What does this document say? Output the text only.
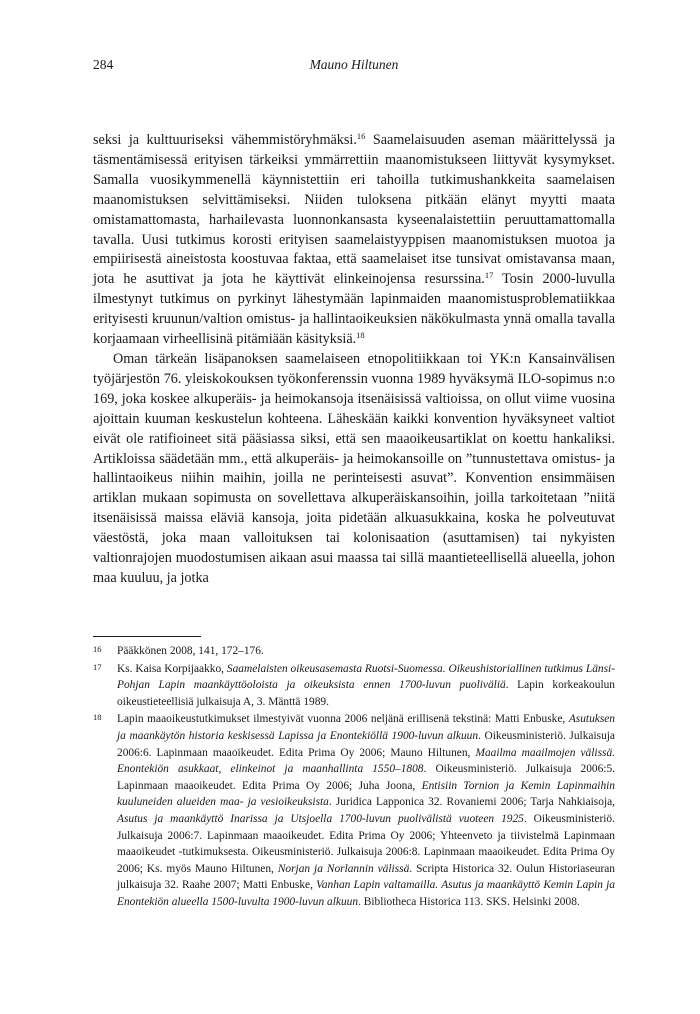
284	Mauno Hiltunen

seksi ja kulttuuriseksi vähemmistöryhmäksi.$^{16}$ Saamelaisuuden aseman määrittelyssä ja täsmentämisessä erityisen tärkeiksi ymmärrettiin maanomistukseen liittyvät kysymykset. Samalla vuosikymmenellä käynnistettiin eri tahoilla tutkimushankkeita saamelaisen maanomistuksen selvittämiseksi. Niiden tuloksena pitkään elänyt myytti maata omistamattomasta, harhailevasta luonnonkansasta kyseenalaistettiin peruuttamattomalla tavalla. Uusi tutkimus korosti erityisen saamelaistyyppisen maanomistuksen muotoa ja empiirisestä aineistosta koostuvaa faktaa, että saamelaiset itse tunsivat omistavansa maan, jota he asuttivat ja jota he käyttivät elinkeinojensa resurssina.$^{17}$ Tosin 2000-luvulla ilmestynyt tutkimus on pyrkinyt lähestymään lapinmaiden maanomistusproblematiikkaa erityisesti kruunun/valtion omistus- ja hallintaoikeuksien näkökulmasta ynnä omalla tavalla korjaamaan virheellisinä pitämiään käsityksiä.$^{18}$

Oman tärkeän lisäpanoksen saamelaiseen etnopolitiikkaan toi YK:n Kansainvälisen työjärjestön 76. yleiskokouksen työkonferenssin vuonna 1989 hyväksymä ILO-sopimus n:o 169, joka koskee alkuperäis- ja heimokansoja itsenäisissä valtioissa, on ollut viime vuosina ajoittain kuuman keskustelun kohteena. Läheskään kaikki konvention hyväksyneet valtiot eivät ole ratifioineet sitä pääsiassa siksi, että sen maaoikeusartiklat on koettu hankaliksi. Artikloissa säädetään mm., että alkuperäis- ja heimokansoille on ”tunnustettava omistus- ja hallintaoikeus niihin maihin, joilla ne perinteisesti asuvat”. Konvention ensimmäisen artiklan mukaan sopimusta on sovellettava alkuperäiskansoihin, joilla tarkoitetaan ”niitä itsenäisissä maissa eläviä kansoja, joita pidetään alkuasukkaina, koska he polveutuvat väestöstä, joka maan valloituksen tai kolonisaation (asuttamisen) tai nykyisten valtionrajojen muodostumisen aikaan asui maassa tai sillä maantieteellisellä alueella, johon maa kuuluu, ja jotka

16 Pääkkönen 2008, 141, 172–176.
17 Ks. Kaisa Korpijaakko, Saamelaisten oikeusasemasta Ruotsi-Suomessa. Oikeushistoriallinen tutkimus Länsi-Pohjan Lapin maankäyttöoloista ja oikeuksista ennen 1700-luvun puoliväliä. Lapin korkeakoulun oikeustieteellisiä julkaisuja A, 3. Mänttä 1989.
18 Lapin maaoikeustutkimukset ilmestyivät vuonna 2006 neljänä erillisenä tekstinä: Matti Enbuske, Asutuksen ja maankäytön historia keskisessä Lapissa ja Enontekiöllä 1900-luvun alkuun. Oikeusministeriö. Julkaisuja 2006:6. Lapinmaan maaoikeudet. Edita Prima Oy 2006; Mauno Hiltunen, Maailma maailmojen välissä. Enontekiön asukkaat, elinkeinot ja maanhallinta 1550–1808. Oikeusministeriö. Julkaisuja 2006:5. Lapinmaan maaoikeudet. Edita Prima Oy 2006; Juha Joona, Entisiin Tornion ja Kemin Lapinmaihin kuuluneiden alueiden maa- ja vesioikeuksista. Juridica Lapponica 32. Rovaniemi 2006; Tarja Nahkiaisoja, Asutus ja maankäyttö Inarissa ja Utsjoella 1700-luvun puolivälistä vuoteen 1925. Oikeusministeriö. Julkaisuja 2006:7. Lapinmaan maaoikeudet. Edita Prima Oy 2006; Yhteenveto ja tiivistelmä Lapinmaan maaoikeudet -tutkimuksesta. Oikeusministeriö. Julkaisuja 2006:8. Lapinmaan maaoikeudet. Edita Prima Oy 2006; Ks. myös Mauno Hiltunen, Norjan ja Norlannin välissä. Scripta Historica 32. Oulun Historiaseuran julkaisuja 32. Raahe 2007; Matti Enbuske, Vanhan Lapin valtamailla. Asutus ja maankäyttö Kemin Lapin ja Enontekiön alueella 1500-luvulta 1900-luvun alkuun. Bibliotheca Historica 113. SKS. Helsinki 2008.
